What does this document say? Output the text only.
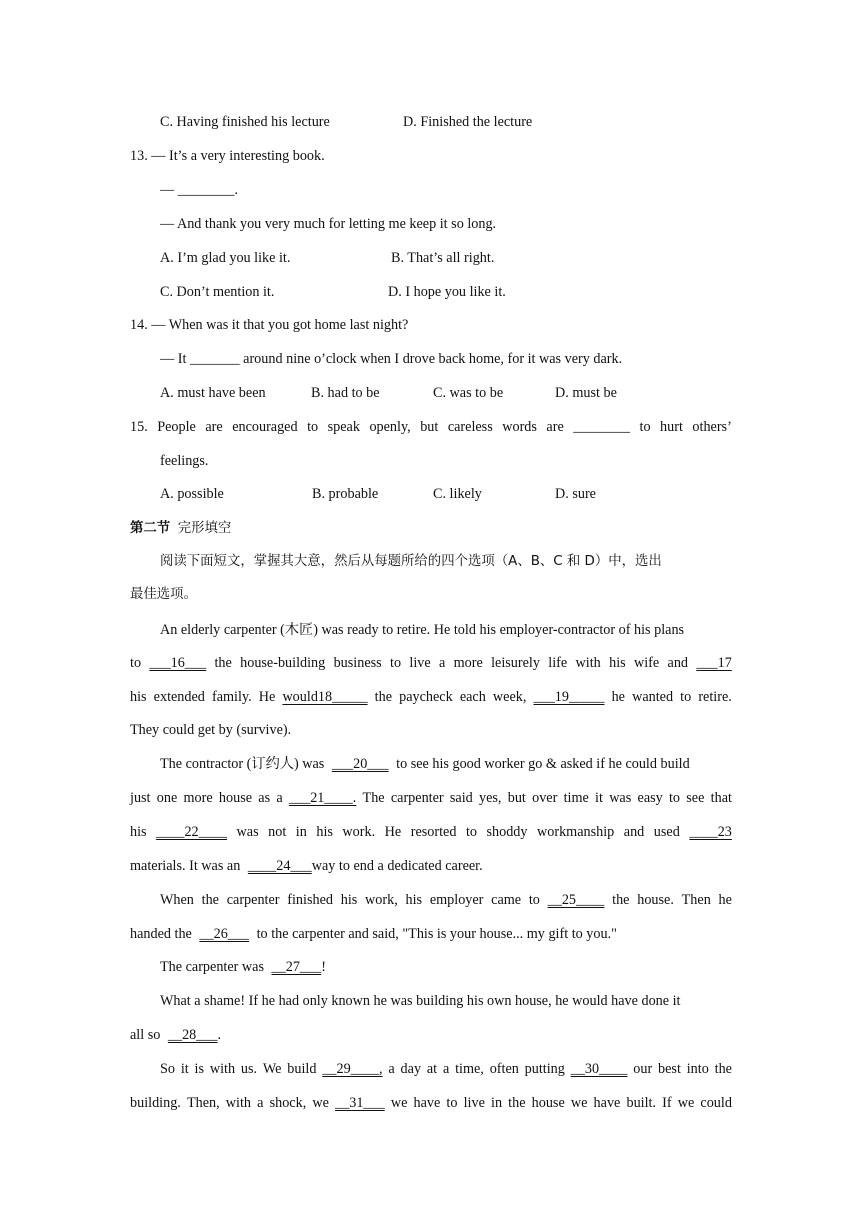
C. Having finished his lecture	D. Finished the lecture
13. — It’s a very interesting book.
— ________.
— And thank you very much for letting me keep it so long.
A. I’m glad you like it.	B. That’s all right.
C. Don’t mention it.	D. I hope you like it.
14. — When was it that you got home last night?
— It _______ around nine o’clock when I drove back home, for it was very dark.
A. must have been	B. had to be	C. was to be	D. must be
15. People are encouraged to speak openly, but careless words are ________ to hurt others’
feelings.
A. possible	B. probable	C. likely	D. sure
第二节 完形填空
阅读下面短文，掌握其大意，然后从每题所给的四个选项（A、B、C 和 D）中，选出
最佳选项。
An elderly carpenter (木匠) was ready to retire. He told his employer-contractor of his plans
to ___16___ the house-building business to live a more leisurely life with his wife and ___17
his extended family. He would18_____ the paycheck each week, ___19_____ he wanted to retire.
They could get by (survive).
The contractor (订约人) was ___20___ to see his good worker go & asked if he could build
just one more house as a ___21____. The carpenter said yes, but over time it was easy to see that
his ____22____ was not in his work. He resorted to shoddy workmanship and used ____23
materials. It was an ____24___way to end a dedicated career.
When the carpenter finished his work, his employer came to __25____ the house. Then he
handed the __26___ to the carpenter and said, "This is your house... my gift to you."
The carpenter was __27___!
What a shame! If he had only known he was building his own house, he would have done it
all so __28___.
So it is with us. We build __29____, a day at a time, often putting __30____ our best into the
building. Then, with a shock, we __31___ we have to live in the house we have built. If we could
